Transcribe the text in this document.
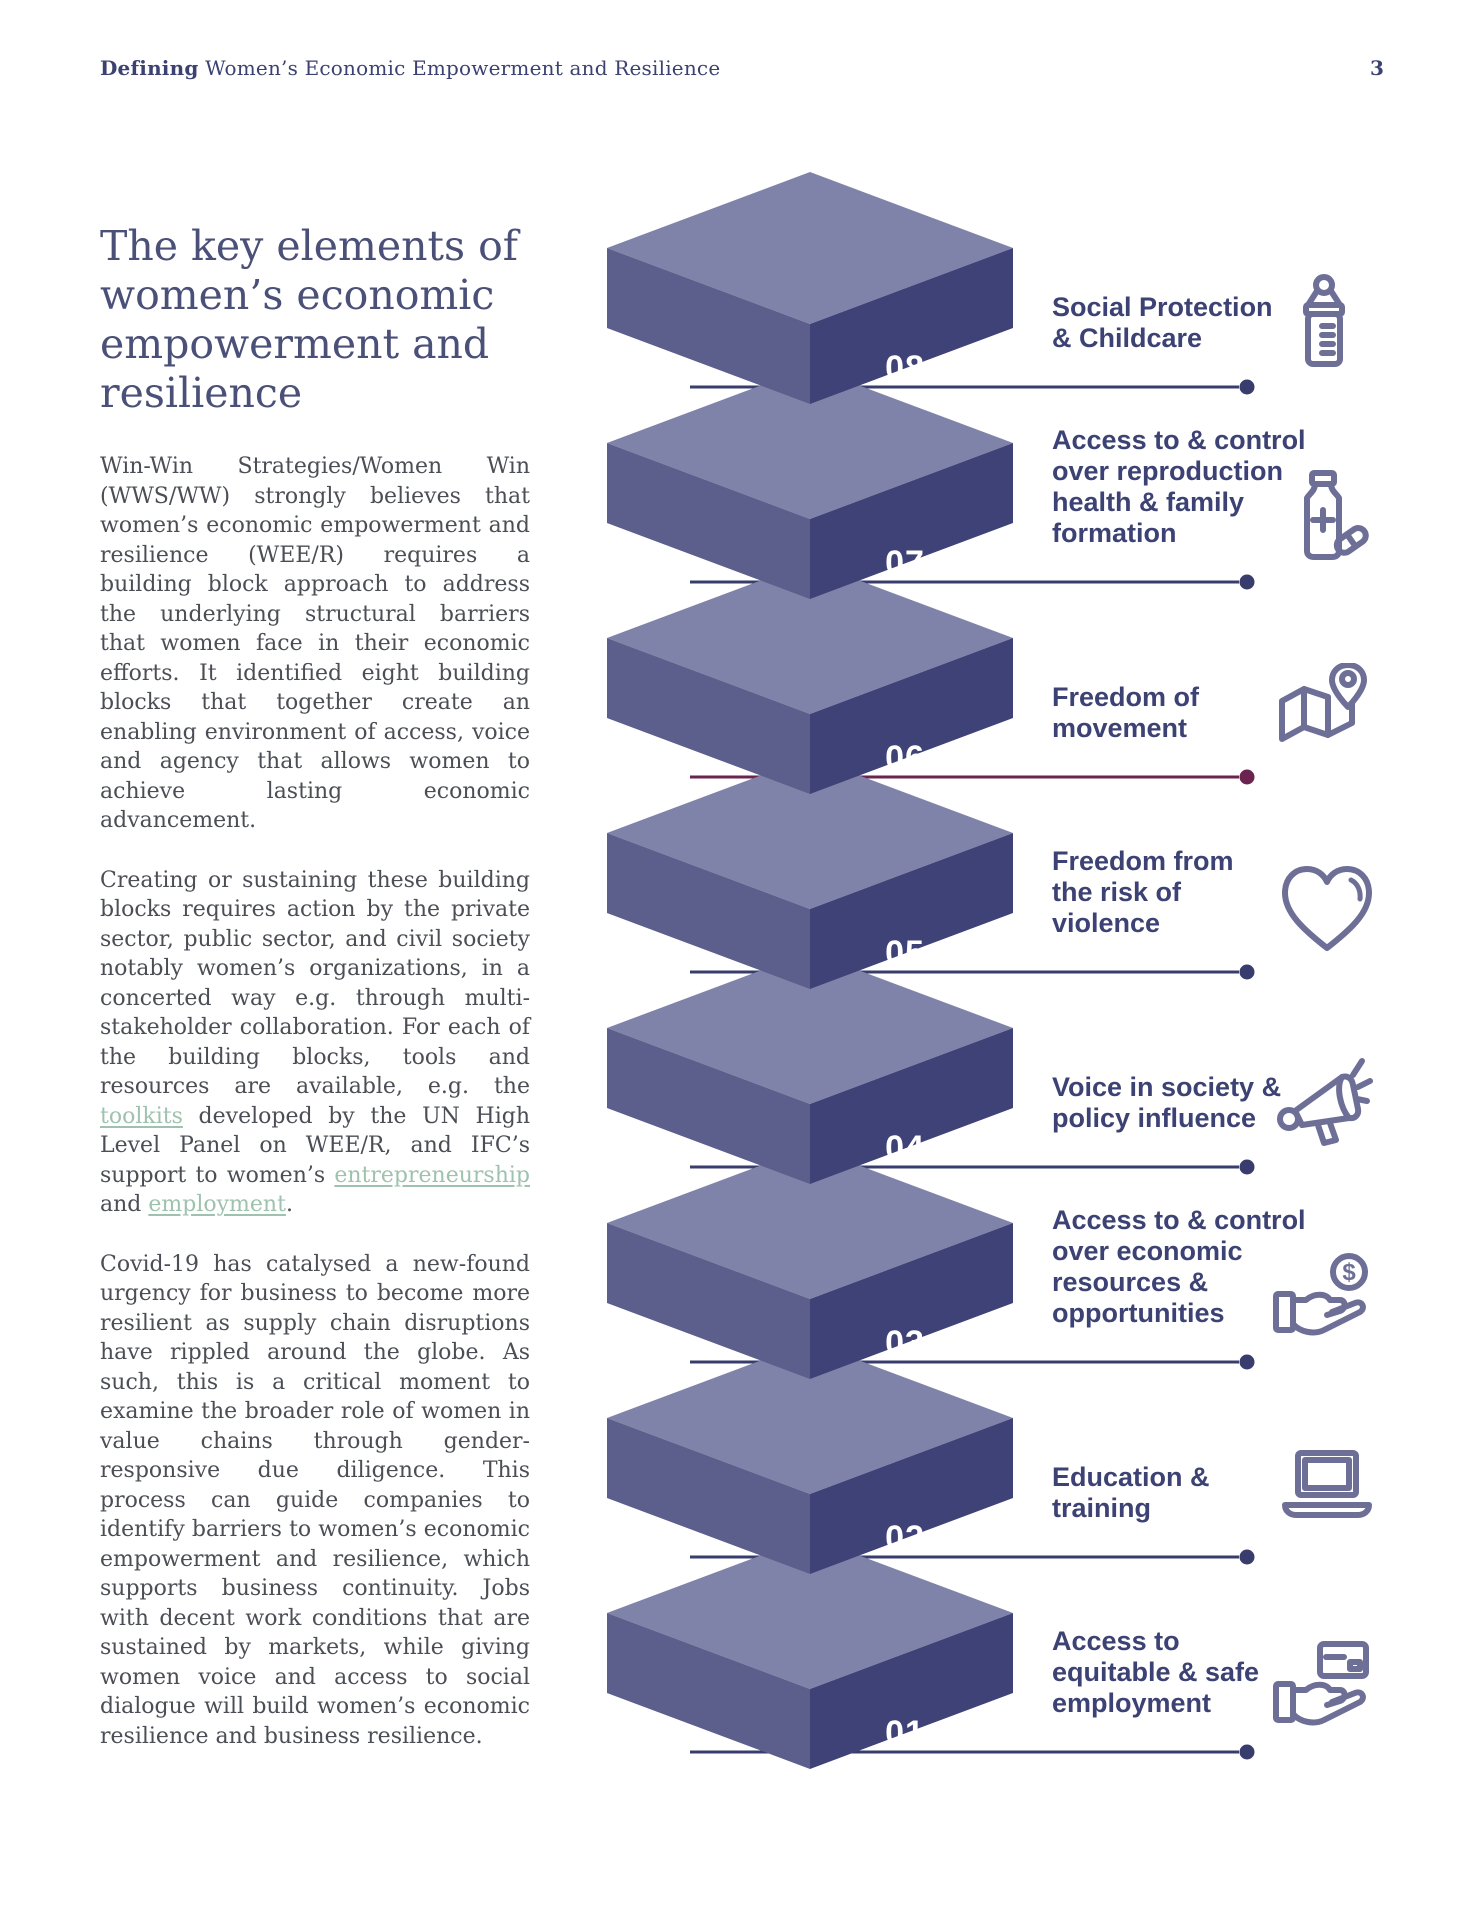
Defining Women’s Economic Empowerment and Resilience	3
The key elements of women’s economic empowerment and resilience

Win-Win Strategies/Women Win (WWS/WW) strongly believes that women’s economic empowerment and resilience (WEE/R) requires a building block approach to address the underlying structural barriers that women face in their economic efforts. It identified eight building blocks that together create an enabling environment of access, voice and agency that allows women to achieve lasting economic advancement.

Creating or sustaining these building blocks requires action by the private sector, public sector, and civil society notably women’s organizations, in a concerted way e.g. through multi-stakeholder collaboration. For each of the building blocks, tools and resources are available, e.g. the toolkits developed by the UN High Level Panel on WEE/R, and IFC’s support to women’s entrepreneurship and employment.

Covid-19 has catalysed a new-found urgency for business to become more resilient as supply chain disruptions have rippled around the globe. As such, this is a critical moment to examine the broader role of women in value chains through gender-responsive due diligence. This process can guide companies to identify barriers to women’s economic empowerment and resilience, which supports business continuity. Jobs with decent work conditions that are sustained by markets, while giving women voice and access to social dialogue will build women’s economic resilience and business resilience.	01
02
03
04
05
06
07
08
Social Protection
& Childcare
Access to & control
over reproduction
health & family
formation
Freedom of
movement
Freedom from
the risk of
violence
Voice in society &
policy influence
Access to & control
over economic
resources &
opportunities
Education &
training
Access to
equitable & safe
employment
